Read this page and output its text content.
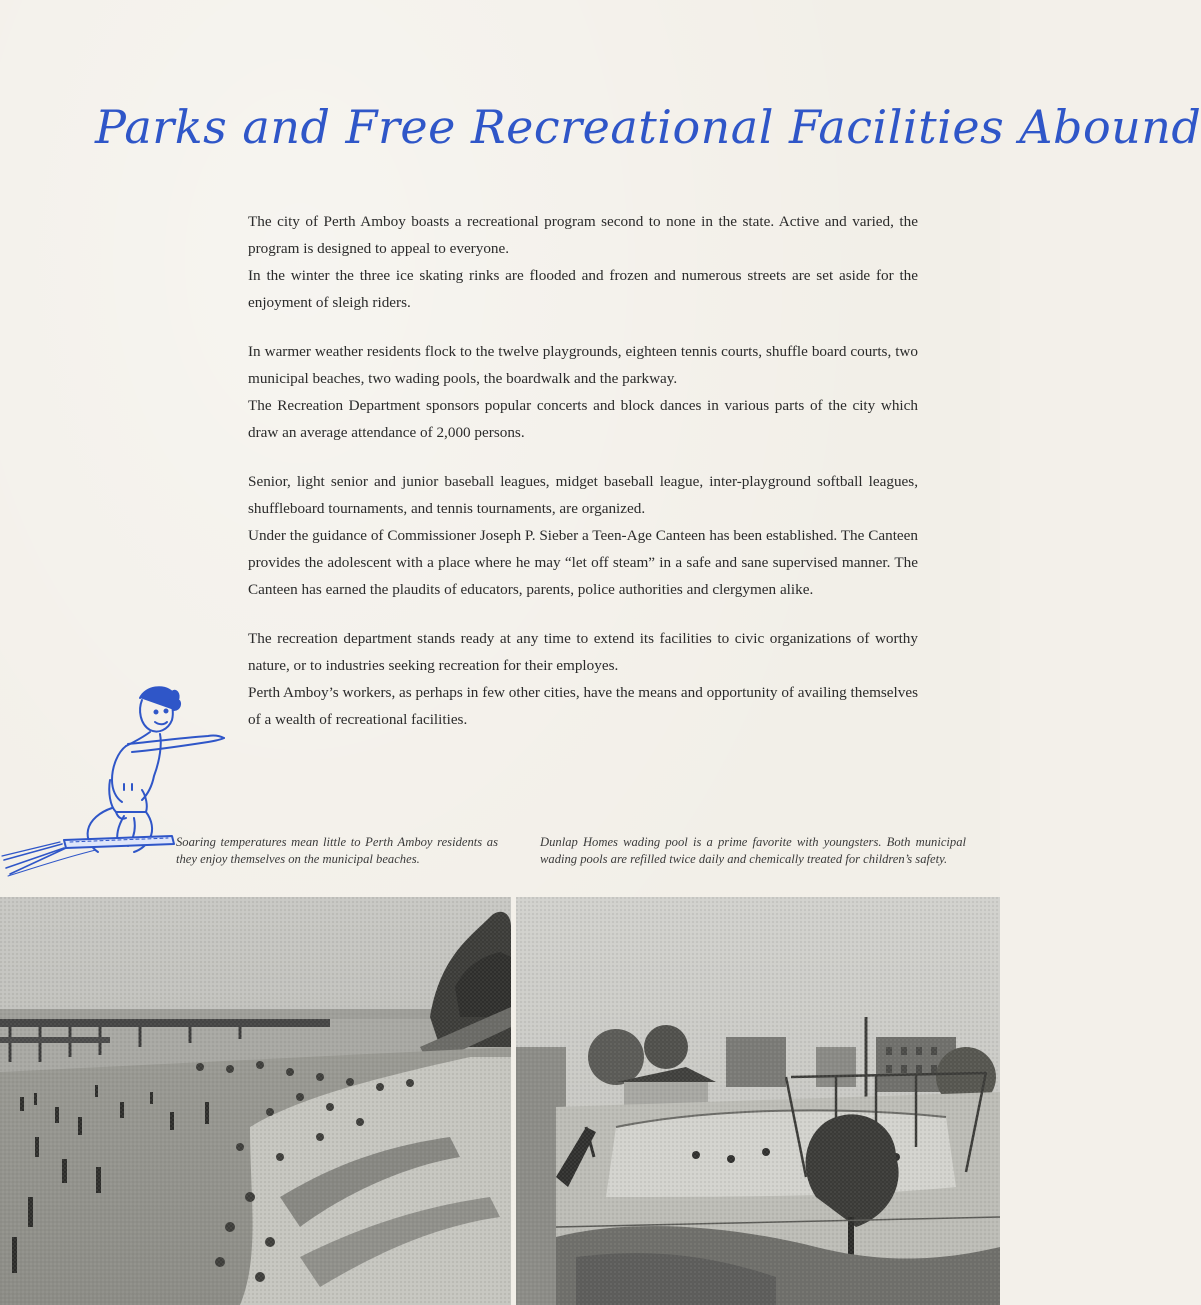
Parks and Free Recreational Facilities Abound

The city of Perth Amboy boasts a recreational program second to none in the state. Active and varied, the program is designed to appeal to everyone.
In the winter the three ice skating rinks are flooded and frozen and numerous streets are set aside for the enjoyment of sleigh riders.

In warmer weather residents flock to the twelve playgrounds, eighteen tennis courts, shuffle board courts, two municipal beaches, two wading pools, the boardwalk and the parkway.
The Recreation Department sponsors popular concerts and block dances in various parts of the city which draw an average attendance of 2,000 persons.

Senior, light senior and junior baseball leagues, midget baseball league, inter-playground softball leagues, shuffleboard tournaments, and tennis tournaments, are organized.
Under the guidance of Commissioner Joseph P. Sieber a Teen-Age Canteen has been established. The Canteen provides the adolescent with a place where he may “let off steam” in a safe and sane supervised manner. The Canteen has earned the plaudits of educators, parents, police authorities and clergymen alike.

The recreation department stands ready at any time to extend its facilities to civic organizations of worthy nature, or to industries seeking recreation for their employes.
Perth Amboy’s workers, as perhaps in few other cities, have the means and opportunity of availing themselves of a wealth of recreational facilities.

Soaring temperatures mean little to Perth Amboy residents as they enjoy themselves on the municipal beaches.
Dunlap Homes wading pool is a prime favorite with youngsters. Both municipal wading pools are refilled twice daily and chemically treated for children’s safety.
